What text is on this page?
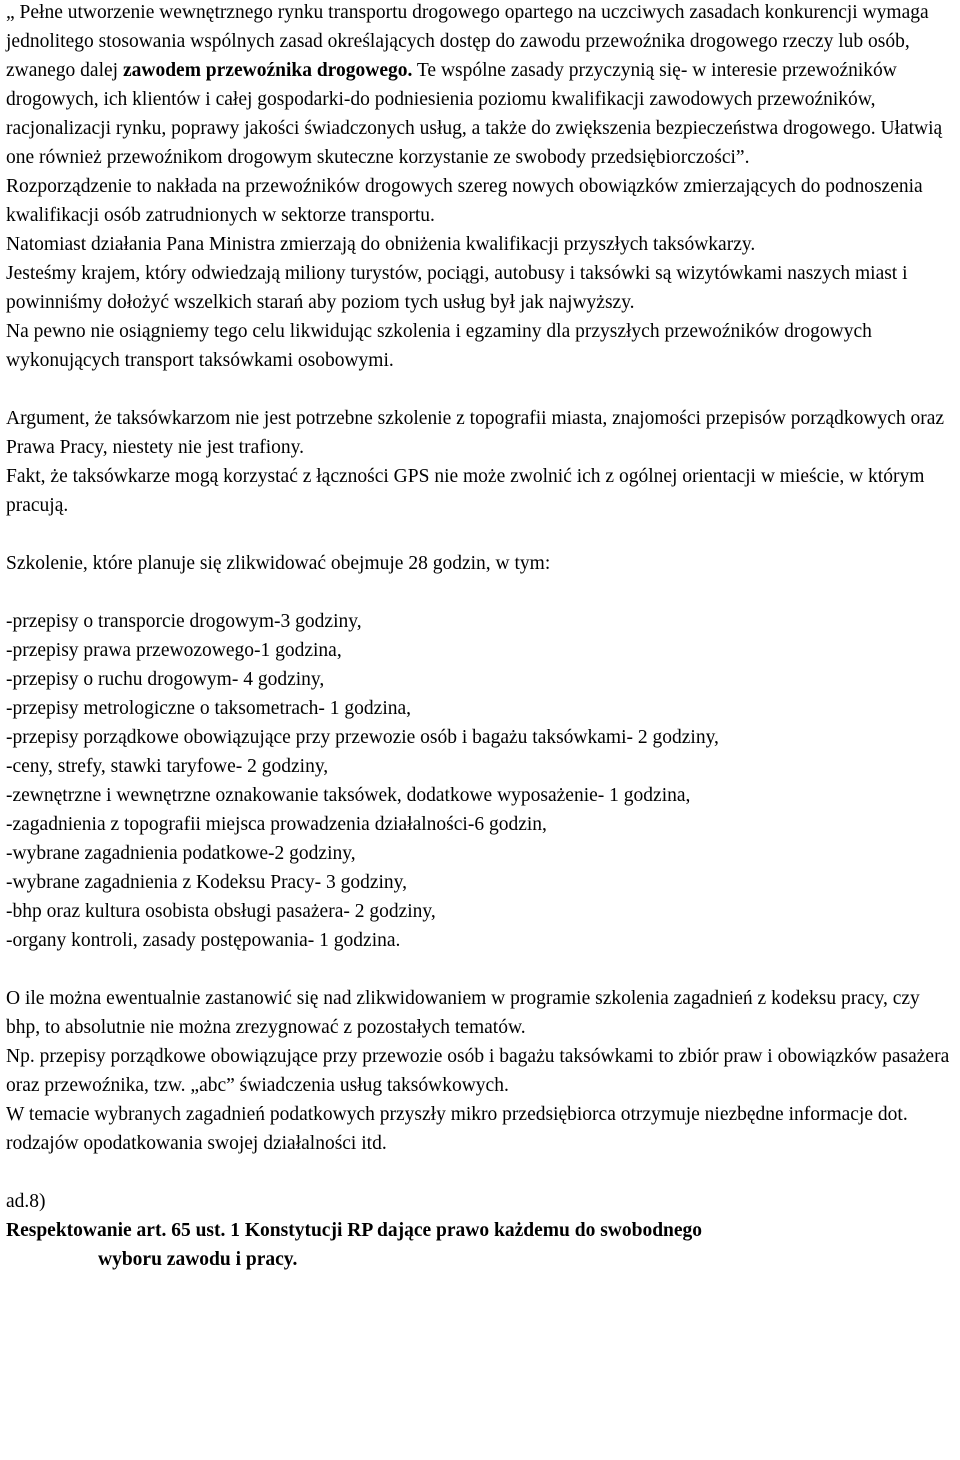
„ Pełne utworzenie wewnętrznego rynku transportu drogowego opartego na uczciwych zasadach konkurencji wymaga jednolitego stosowania wspólnych zasad określających dostęp do zawodu przewoźnika drogowego rzeczy lub osób, zwanego dalej zawodem przewoźnika drogowego. Te wspólne zasady przyczynią się- w interesie przewoźników drogowych, ich klientów i całej gospodarki-do podniesienia poziomu kwalifikacji zawodowych przewoźników, racjonalizacji rynku, poprawy jakości świadczonych usług, a także do zwiększenia bezpieczeństwa drogowego. Ułatwią one również przewoźnikom drogowym skuteczne korzystanie ze swobody przedsiębiorczości”.

Rozporządzenie to nakłada na przewoźników drogowych szereg nowych obowiązków zmierzających do podnoszenia kwalifikacji osób zatrudnionych w sektorze transportu.

Natomiast działania Pana Ministra zmierzają do obniżenia kwalifikacji przyszłych taksówkarzy.

Jesteśmy krajem, który odwiedzają miliony turystów, pociągi, autobusy i taksówki są wizytówkami naszych miast i powinniśmy dołożyć wszelkich starań aby poziom tych usług był jak najwyższy.

Na pewno nie osiągniemy tego celu likwidując szkolenia i egzaminy dla przyszłych przewoźników drogowych wykonujących transport taksówkami osobowymi.

Argument, że taksówkarzom nie jest potrzebne szkolenie z topografii miasta, znajomości przepisów porządkowych oraz Prawa Pracy, niestety nie jest trafiony.

Fakt, że taksówkarze mogą korzystać z łączności GPS nie może zwolnić ich z ogólnej orientacji w mieście, w którym pracują.

Szkolenie, które planuje się zlikwidować obejmuje 28 godzin, w tym:

-przepisy o transporcie drogowym-3 godziny,
-przepisy prawa przewozowego-1 godzina,
-przepisy o ruchu drogowym- 4 godziny,
-przepisy metrologiczne o taksometrach- 1 godzina,
-przepisy porządkowe obowiązujące przy przewozie osób i bagażu taksówkami- 2 godziny,
-ceny, strefy, stawki taryfowe- 2 godziny,
-zewnętrzne i wewnętrzne oznakowanie taksówek, dodatkowe wyposażenie- 1 godzina,
-zagadnienia z topografii miejsca prowadzenia działalności-6 godzin,
-wybrane zagadnienia podatkowe-2 godziny,
-wybrane zagadnienia z Kodeksu Pracy- 3 godziny,
-bhp oraz kultura osobista obsługi pasażera- 2 godziny,
-organy kontroli, zasady postępowania- 1 godzina.

O ile można ewentualnie zastanowić się nad zlikwidowaniem w programie szkolenia zagadnień z kodeksu pracy, czy bhp, to absolutnie nie można zrezygnować z pozostałych tematów.

Np. przepisy porządkowe obowiązujące przy przewozie osób i bagażu taksówkami to zbiór praw i obowiązków pasażera oraz przewoźnika, tzw. „abc” świadczenia usług taksówkowych.

W temacie wybranych zagadnień podatkowych przyszły mikro przedsiębiorca otrzymuje niezbędne informacje dot. rodzajów opodatkowania swojej działalności itd.

ad.8)

Respektowanie art. 65 ust. 1 Konstytucji RP dające prawo każdemu do swobodnego

wyboru zawodu i pracy.
